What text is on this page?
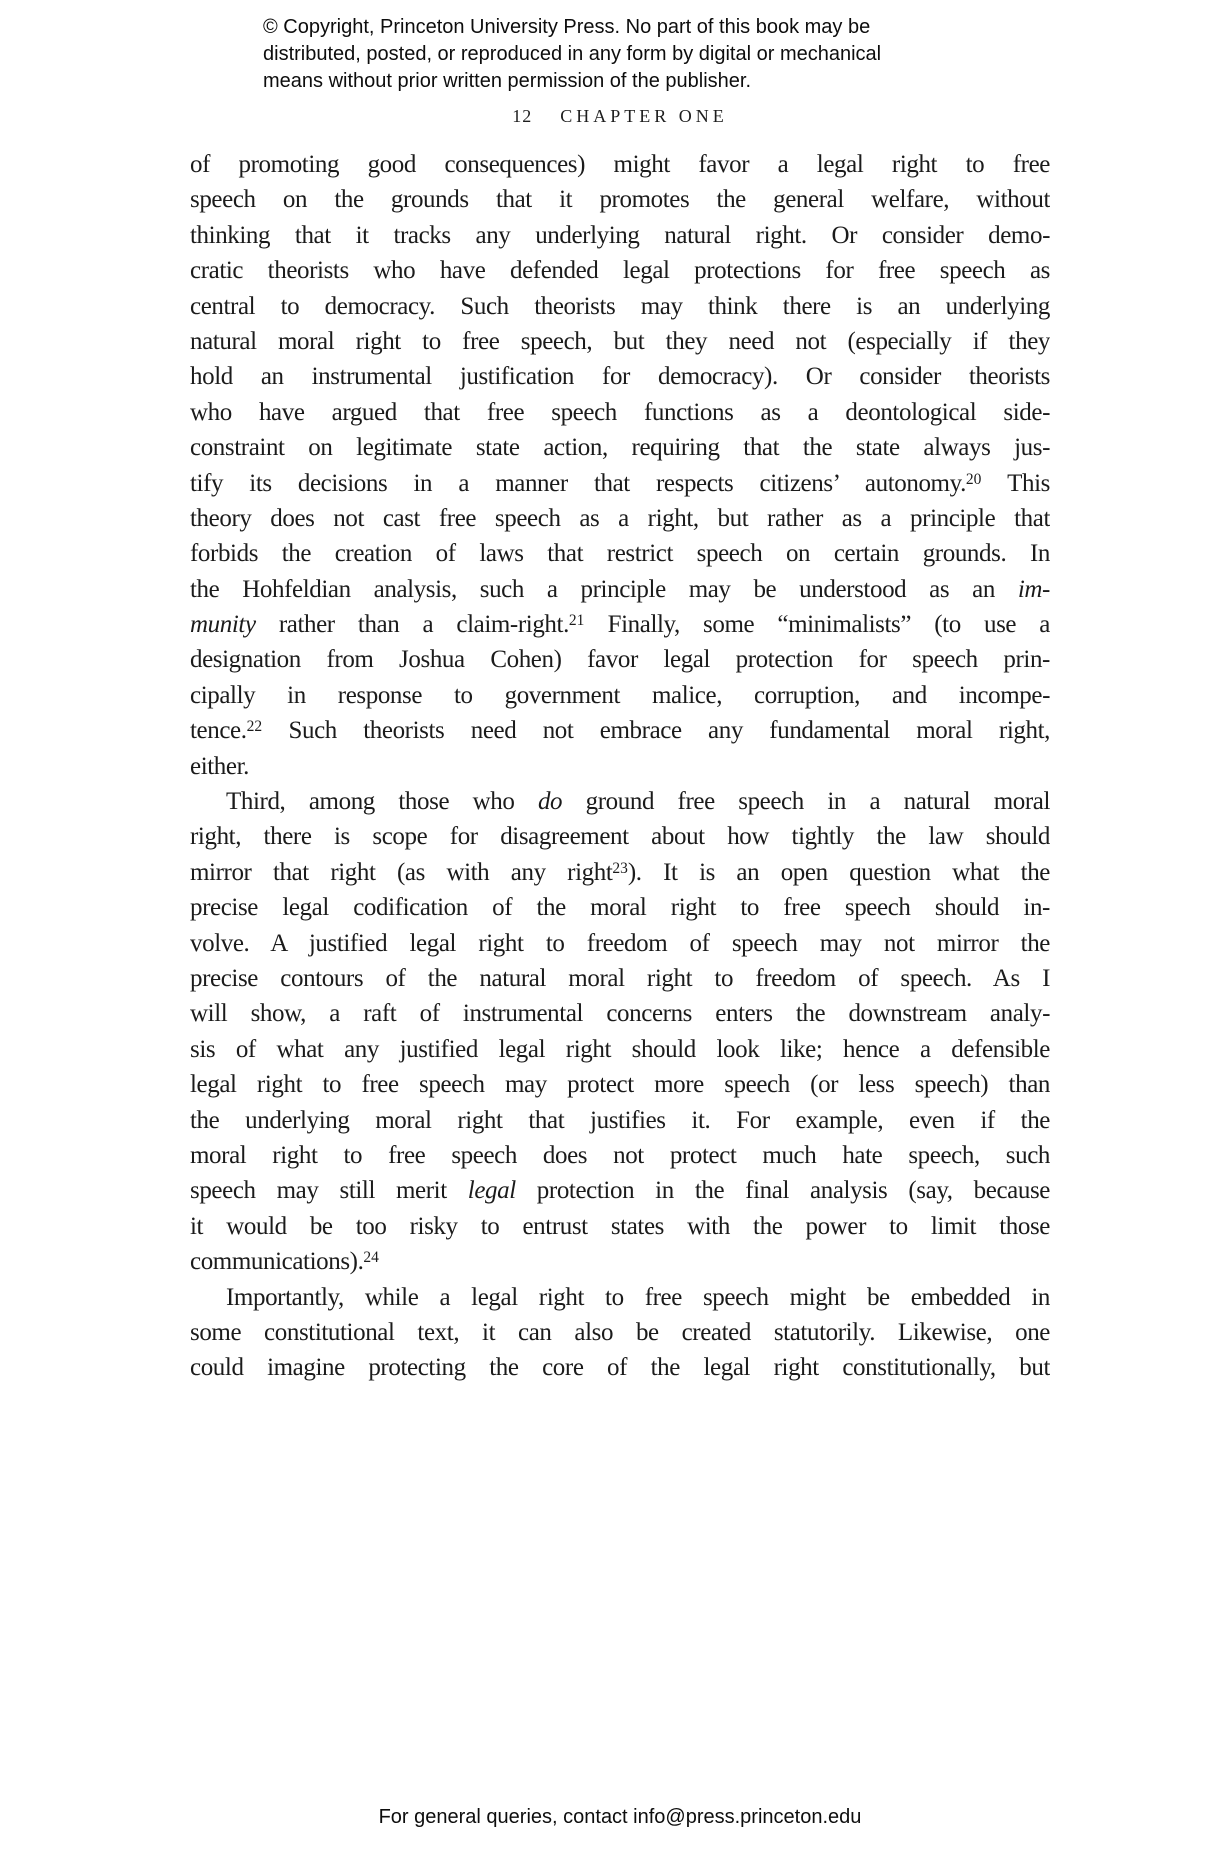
© Copyright, Princeton University Press. No part of this book may be
distributed, posted, or reproduced in any form by digital or mechanical
means without prior written permission of the publisher.
12 CHAPTER ONE
of promoting good consequences) might favor a legal right to free
speech on the grounds that it promotes the general welfare, without
thinking that it tracks any underlying natural right. Or consider demo-
cratic theorists who have defended legal protections for free speech as
central to democracy. Such theorists may think there is an underlying
natural moral right to free speech, but they need not (especially if they
hold an instrumental justification for democracy). Or consider theorists
who have argued that free speech functions as a deontological side-
constraint on legitimate state action, requiring that the state always jus-
tify its decisions in a manner that respects citizens’ autonomy.$^{20}$ This
theory does not cast free speech as a right, but rather as a principle that
forbids the creation of laws that restrict speech on certain grounds. In
the Hohfeldian analysis, such a principle may be understood as an im-
munity rather than a claim-right.$^{21}$ Finally, some “minimalists” (to use a
designation from Joshua Cohen) favor legal protection for speech prin-
cipally in response to government malice, corruption, and incompe-
tence.$^{22}$ Such theorists need not embrace any fundamental moral right,
either.
Third, among those who do ground free speech in a natural moral
right, there is scope for disagreement about how tightly the law should
mirror that right (as with any right$^{23}$). It is an open question what the
precise legal codification of the moral right to free speech should in-
volve. A justified legal right to freedom of speech may not mirror the
precise contours of the natural moral right to freedom of speech. As I
will show, a raft of instrumental concerns enters the downstream analy-
sis of what any justified legal right should look like; hence a defensible
legal right to free speech may protect more speech (or less speech) than
the underlying moral right that justifies it. For example, even if the
moral right to free speech does not protect much hate speech, such
speech may still merit legal protection in the final analysis (say, because
it would be too risky to entrust states with the power to limit those
communications).$^{24}$
Importantly, while a legal right to free speech might be embedded in
some constitutional text, it can also be created statutorily. Likewise, one
could imagine protecting the core of the legal right constitutionally, but
For general queries, contact info@press.princeton.edu
